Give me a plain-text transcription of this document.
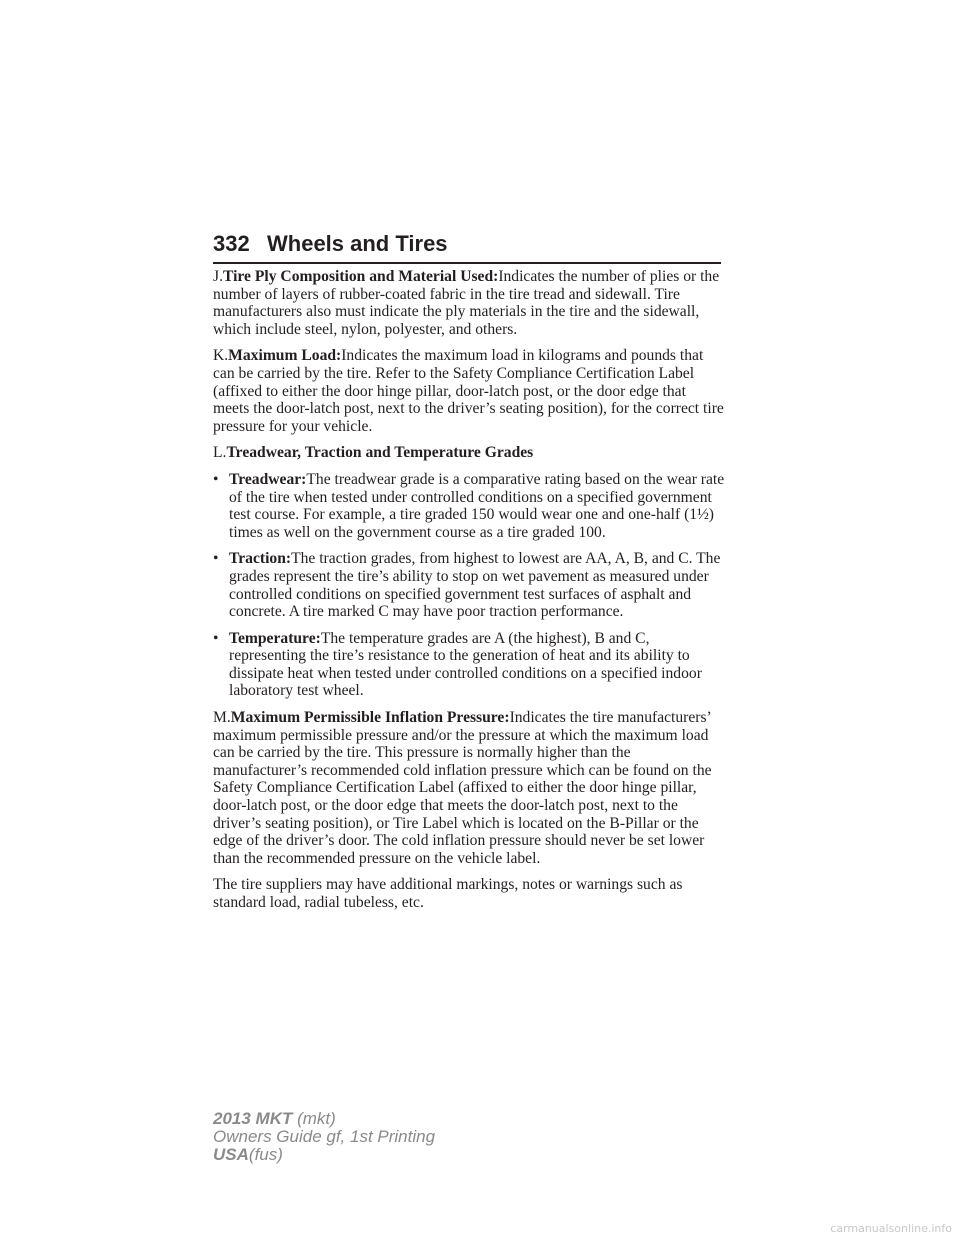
332 Wheels and Tires

J.Tire Ply Composition and Material Used:Indicates the number of plies or the number of layers of rubber-coated fabric in the tire tread and sidewall. Tire manufacturers also must indicate the ply materials in the tire and the sidewall, which include steel, nylon, polyester, and others.

K.Maximum Load:Indicates the maximum load in kilograms and pounds that can be carried by the tire. Refer to the Safety Compliance Certification Label (affixed to either the door hinge pillar, door-latch post, or the door edge that meets the door-latch post, next to the driver’s seating position), for the correct tire pressure for your vehicle.

L.Treadwear, Traction and Temperature Grades

• Treadwear:The treadwear grade is a comparative rating based on the wear rate of the tire when tested under controlled conditions on a specified government test course. For example, a tire graded 150 would wear one and one-half (1½) times as well on the government course as a tire graded 100.
• Traction:The traction grades, from highest to lowest are AA, A, B, and C. The grades represent the tire’s ability to stop on wet pavement as measured under controlled conditions on specified government test surfaces of asphalt and concrete. A tire marked C may have poor traction performance.
• Temperature:The temperature grades are A (the highest), B and C, representing the tire’s resistance to the generation of heat and its ability to dissipate heat when tested under controlled conditions on a specified indoor laboratory test wheel.

M.Maximum Permissible Inflation Pressure:Indicates the tire manufacturers’ maximum permissible pressure and/or the pressure at which the maximum load can be carried by the tire. This pressure is normally higher than the manufacturer’s recommended cold inflation pressure which can be found on the Safety Compliance Certification Label (affixed to either the door hinge pillar, door-latch post, or the door edge that meets the door-latch post, next to the driver’s seating position), or Tire Label which is located on the B-Pillar or the edge of the driver’s door. The cold inflation pressure should never be set lower than the recommended pressure on the vehicle label.

The tire suppliers may have additional markings, notes or warnings such as standard load, radial tubeless, etc.

2013 MKT (mkt)
Owners Guide gf, 1st Printing
USA(fus)
carmanualsonline.info
